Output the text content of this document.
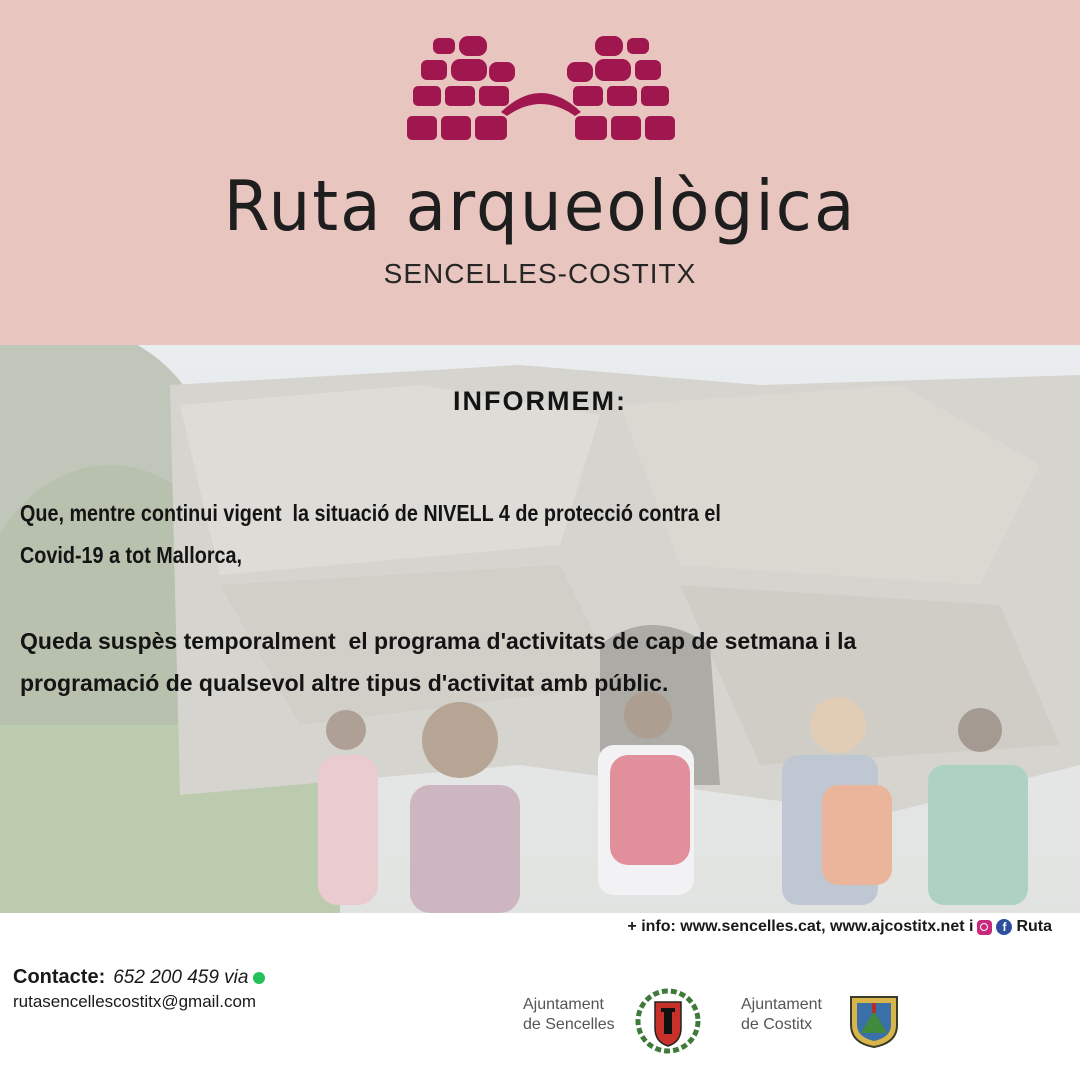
Ruta arqueològica
SENCELLES-COSTITX
INFORMEM:
Que, mentre continui vigent  la situació de NIVELL 4 de protecció contra el
Covid-19 a tot Mallorca,
Queda suspès temporalment  el programa d'activitats de cap de setmana i la
programació de qualsevol altre tipus d'activitat amb públic.
+ info: www.sencelles.cat, www.ajcostitx.net i	f Ruta
Contacte: 652 200 459 via
rutasencellescostitx@gmail.com	Ajuntament
de Sencelles
Ajuntament
de Costitx
